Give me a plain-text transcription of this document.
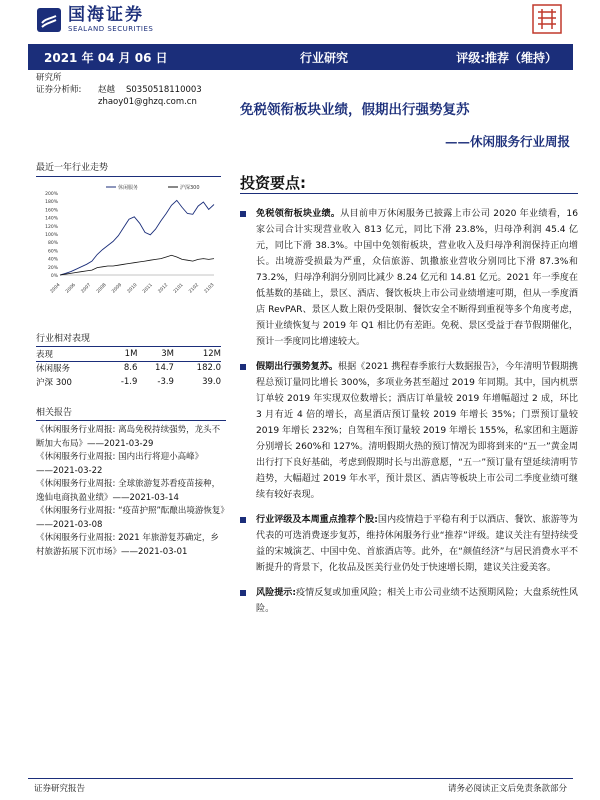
国海证券
SEALAND SECURITIES
2021 年 04 月 06 日	行业研究	评级:推荐（维持）
研究所
证券分析师:	赵越	S0350518110003
zhaoy01@ghzq.com.cn	免税领衔板块业绩，假期出行强势复苏
——休闲服务行业周报
最近一年行业走势
0%
20%
40%
60%
80%
100%
120%
140%
160%
180%
200%
2004 2006 2007 2008 2009 2010 2011 2012 2101 2102 2103
休闲服务	沪深300
行业相对表现
表现	1M	3M	12M
休闲服务	8.6	14.7	182.0
沪深 300	-1.9	-3.9	39.0
相关报告
《休闲服务行业周报: 离岛免税持续强势，龙头不断加大布局》——2021-03-29
《休闲服务行业周报: 国内出行将迎小高峰》
——2021-03-22
《休闲服务行业周报: 全球旅游复苏看疫苗接种，逸仙电商执盈业绩》——2021-03-14
《休闲服务行业周报: “疫苗护照”酝酿出境游恢复》——2021-03-08
《休闲服务行业周报: 2021 年旅游复苏确定，乡村旅游拓展下沉市场》——2021-03-01
投资要点:

免税领衔板块业绩。从目前申万休闲服务已披露上市公司 2020 年业绩看，16 家公司合计实现营业收入 813 亿元，同比下滑 23.8%，归母净利润 45.4 亿元，同比下滑 38.3%。中国中免领衔板块，营业收入及归母净利润保持正向增长。出境游受损最为严重，众信旅游、凯撒旅业营收分别同比下滑 87.3%和 73.2%，归母净利润分别同比减少 8.24 亿元和 14.81 亿元。2021 年一季度在低基数的基础上，景区、酒店、餐饮板块上市公司业绩增速可期，但从一季度酒店 RevPAR、景区人数上限仍受限制、餐饮安全不断得到重视等多个角度考虑，预计业绩恢复与 2019 年 Q1 相比仍有差距。免税、景区受益于春节假期催化，预计一季度同比增速较大。

假期出行强势复苏。根据《2021 携程春季旅行大数据报告》，今年清明节假期携程总预订量同比增长 300%，多项业务甚至超过 2019 年同期。其中，国内机票订单较 2019 年实现双位数增长；酒店订单量较 2019 年增幅超过 2 成，环比 3 月有近 4 倍的增长，高星酒店预订量较 2019 年增长 35%；门票预订量较 2019 年增长 232%；自驾租车预订量较 2019 年增长 155%，私家团和主题游分别增长 260%和 127%。清明假期火热的预订情况为即将到来的“五一”黄金周出行打下良好基础，考虑到假期时长与出游意愿，“五一”预订量有望延续清明节趋势，大幅超过 2019 年水平，预计景区、酒店等板块上市公司二季度业绩可继续有较好表现。

行业评级及本周重点推荐个股:国内疫情趋于平稳有利于以酒店、餐饮、旅游等为代表的可选消费逐步复苏，维持休闲服务行业“推荐”评级。建议关注有望持续受益的宋城演艺、中国中免、首旅酒店等。此外，在“颜值经济”与居民消费水平不断提升的背景下，化妆品及医美行业仍处于快速增长期，建议关注爱美客。

风险提示:疫情反复或加重风险；相关上市公司业绩不达预期风险；大盘系统性风险。

证券研究报告	请务必阅读正文后免责条款部分
